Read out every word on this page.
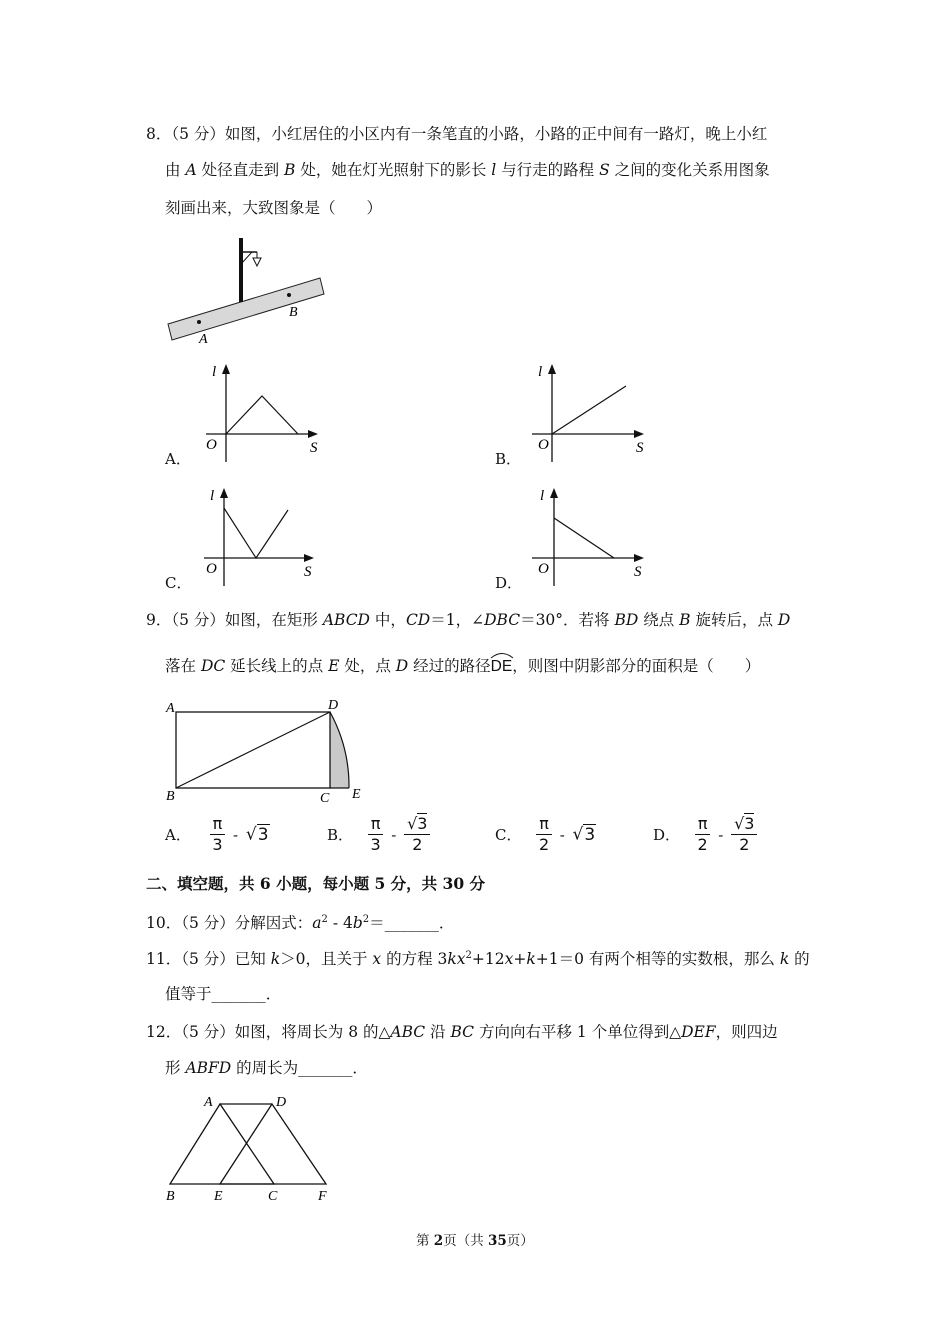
8．（5 分）如图，小红居住的小区内有一条笔直的小路，小路的正中间有一路灯，晚上小红
由 A 处径直走到 B 处，她在灯光照射下的影长 l 与行走的路程 S 之间的变化关系用图象
刻画出来，大致图象是（　　）
A
B
A．
l
O	S
B．
l
O	S
C．
l
O	S
D．
l
O	S
9．（5 分）如图，在矩形 ABCD 中，CD＝1，∠DBC＝30°．若将 BD 绕点 B 旋转后，点 D
落在 DC 延长线上的点 E 处，点 D 经过的路径
DE，则图中阴影部分的面积是（　　）
A	D
B	C E
A． $\frac{\pi}{3} - √3$	B． $\frac{\pi}{3} - \frac{√3}{2}$	C． $\frac{\pi}{2} - √3$	D． $\frac{\pi}{2} - \frac{√3}{2}$
二、填空题，共 6 小题，每小题 5 分，共 30 分
10．（5 分）分解因式：$a^2$ - $4b^2=\_\_\_\_\_\_\_$．
11．（5 分）已知 k＞0，且关于 x 的方程 $3kx^2+12x+k+1=0$ 有两个相等的实数根，那么 k 的
值等于_______．
12．（5 分）如图，将周长为 8 的△ABC 沿 BC 方向向右平移 1 个单位得到△DEF，则四边
形 ABFD 的周长为_______．
A	D
B	E	C	F
第 2页（共 35页）
